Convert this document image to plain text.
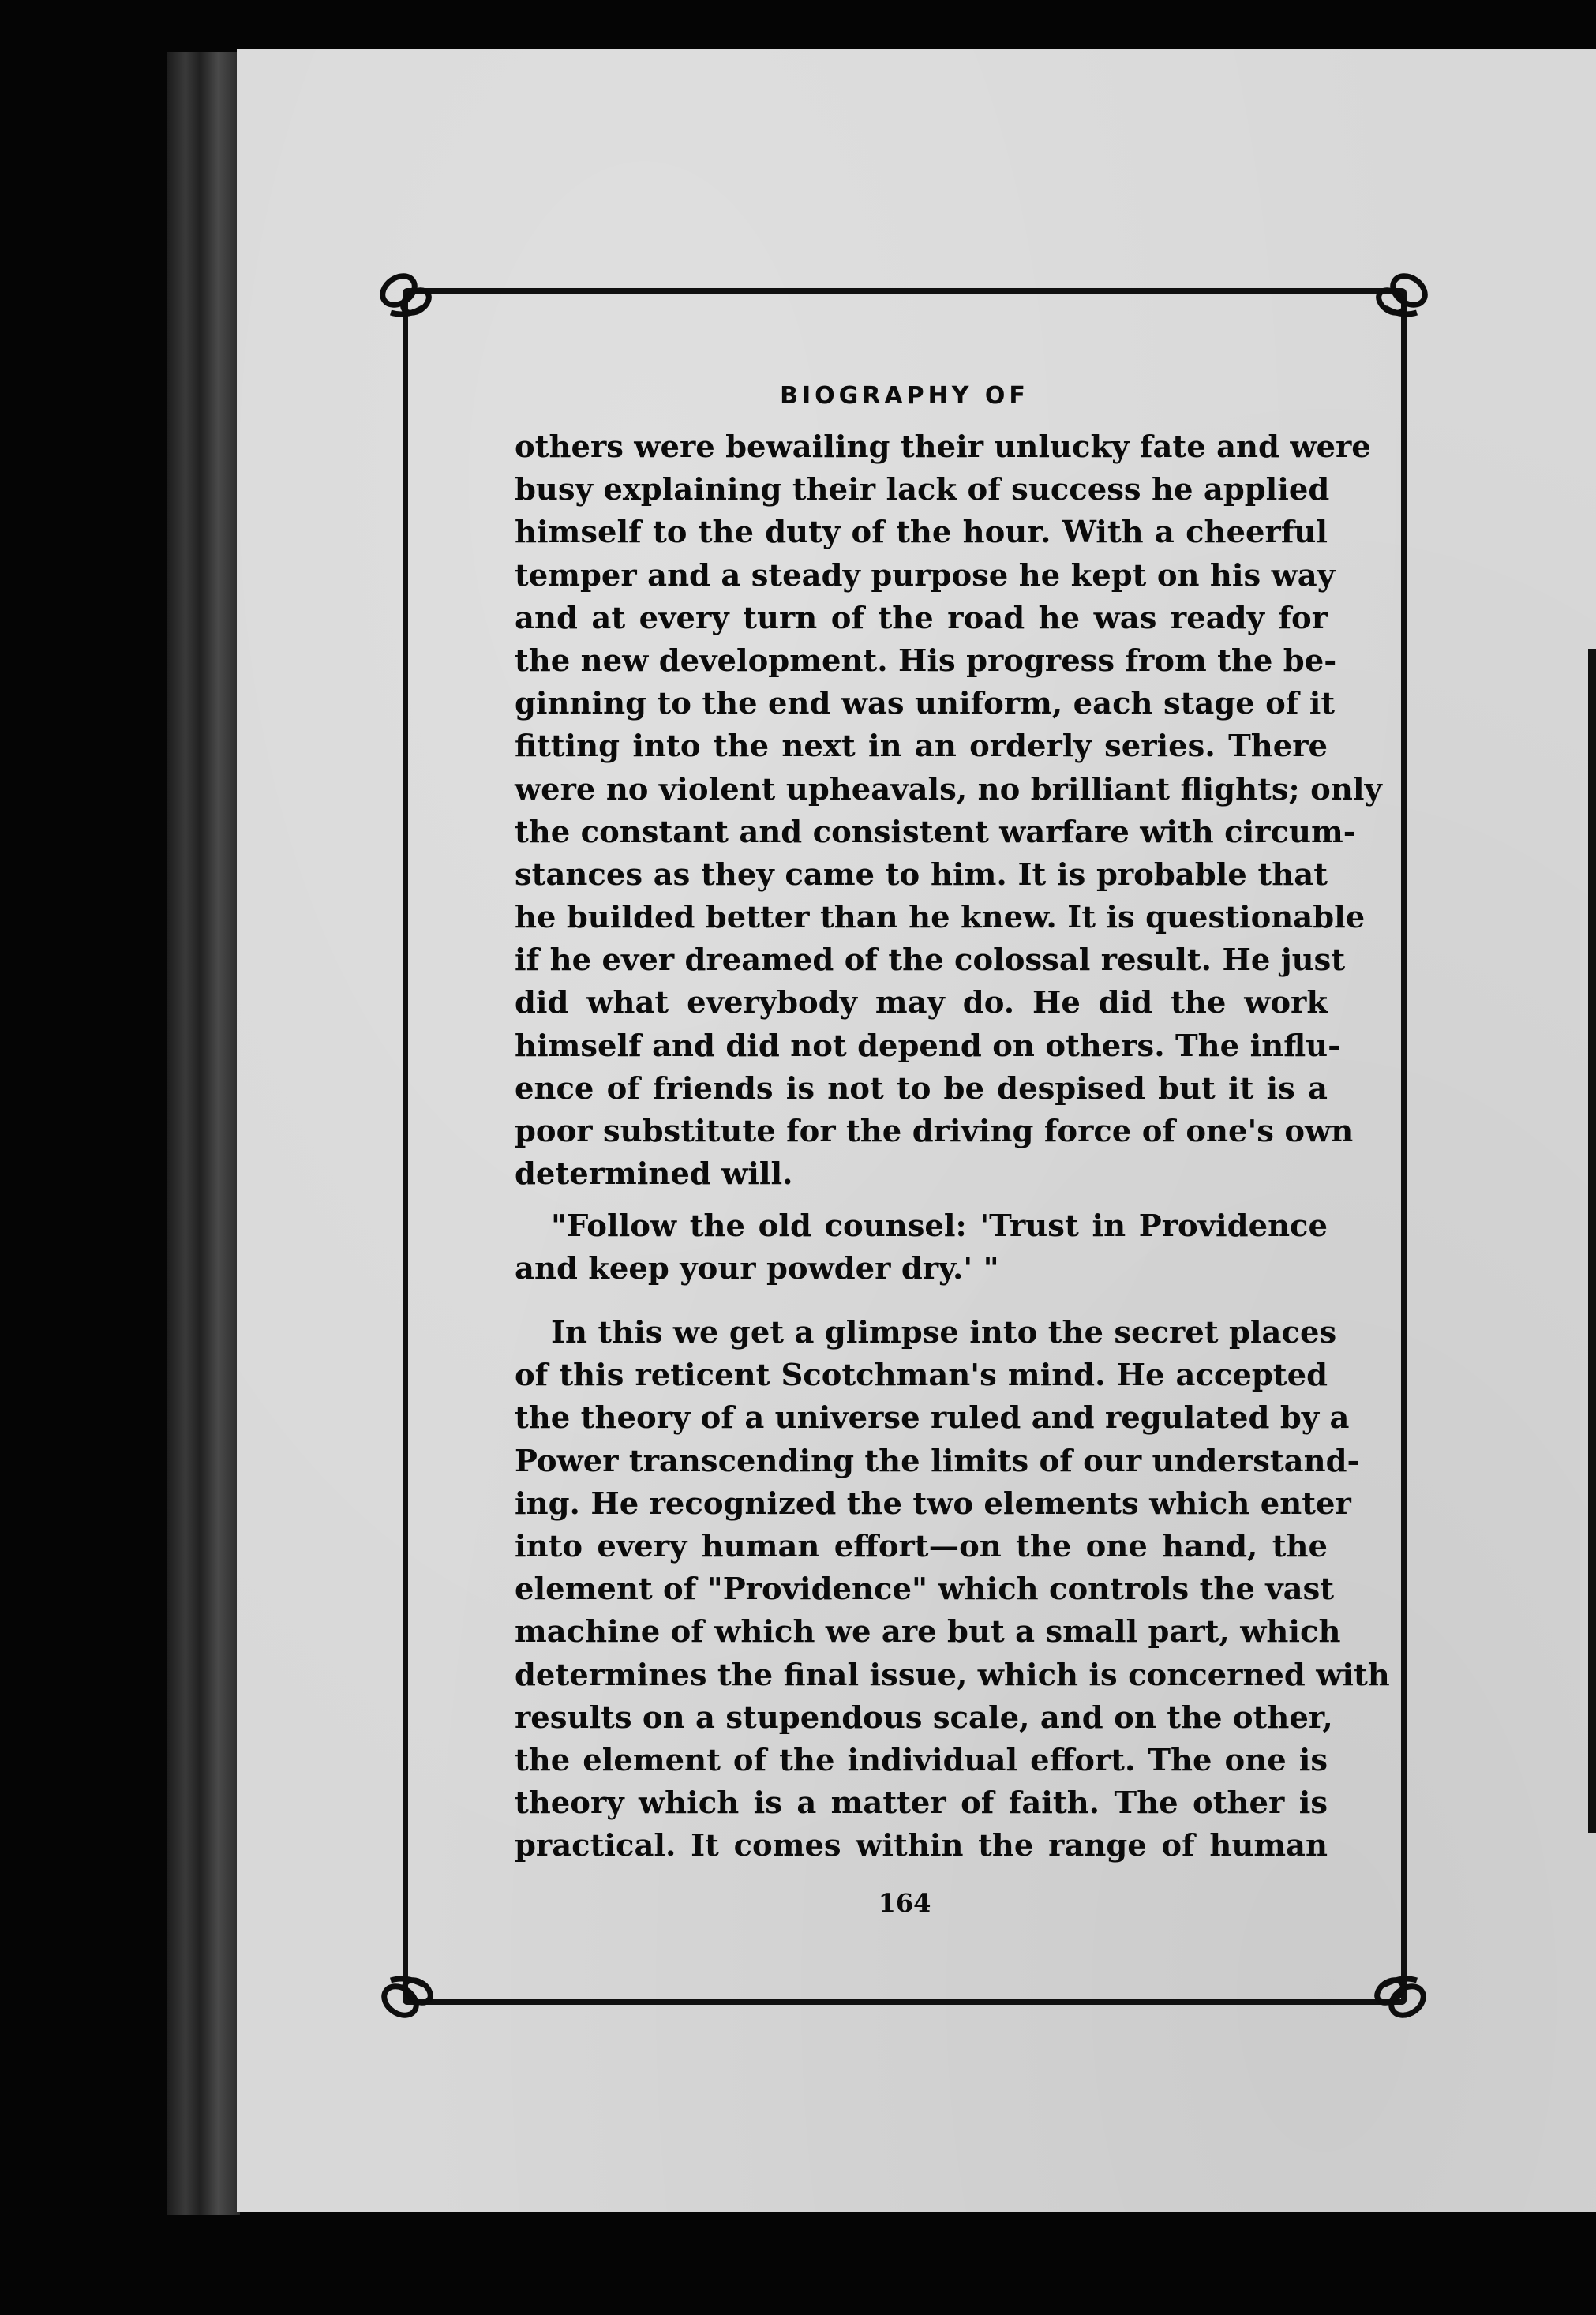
BIOGRAPHY OF
others were bewailing their unlucky fate and were
busy explaining their lack of success he applied
himself to the duty of the hour. With a cheerful
temper and a steady purpose he kept on his way
and at every turn of the road he was ready for
the new development. His progress from the be-
ginning to the end was uniform, each stage of it
fitting into the next in an orderly series. There
were no violent upheavals, no brilliant flights; only
the constant and consistent warfare with circum-
stances as they came to him. It is probable that
he builded better than he knew. It is questionable
if he ever dreamed of the colossal result. He just
did what everybody may do. He did the work
himself and did not depend on others. The influ-
ence of friends is not to be despised but it is a
poor substitute for the driving force of one's own
determined will.
"Follow the old counsel: 'Trust in Providence
and keep your powder dry.' "
In this we get a glimpse into the secret places
of this reticent Scotchman's mind. He accepted
the theory of a universe ruled and regulated by a
Power transcending the limits of our understand-
ing. He recognized the two elements which enter
into every human effort—on the one hand, the
element of "Providence" which controls the vast
machine of which we are but a small part, which
determines the final issue, which is concerned with
results on a stupendous scale, and on the other,
the element of the individual effort. The one is
theory which is a matter of faith. The other is
practical. It comes within the range of human
164
